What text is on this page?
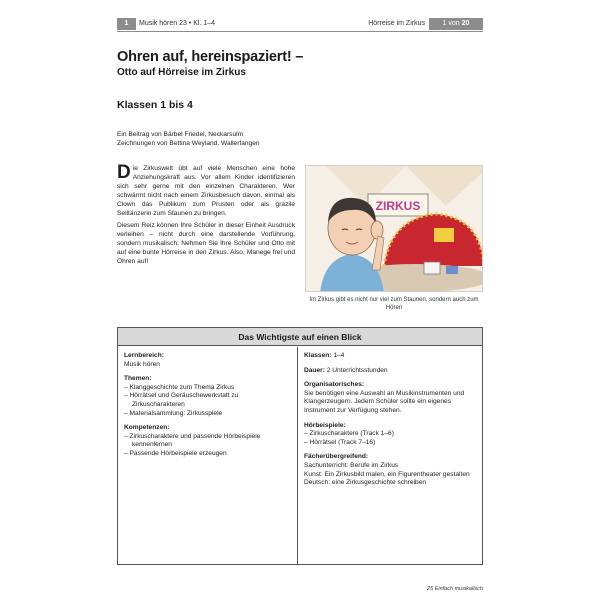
1	Musik hören 23 • Kl. 1–4	Hörreise im Zirkus	1 von 20
Ohren auf, hereinspaziert! –
Otto auf Hörreise im Zirkus
Klassen 1 bis 4
Ein Beitrag von Bärbel Friedel, Neckarsulm
Zeichnungen von Bettina Weyland, Wallerfangen

Die Zirkuswelt übt auf viele Menschen eine hohe Anziehungskraft aus. Vor allem Kinder identifizieren sich sehr gerne mit den einzelnen Charakteren. Wer schwärmt nicht nach einem Zirkusbesuch davon, einmal als Clown das Publikum zum Prusten oder als grazile Seiltänzerin zum Staunen zu bringen.

Diesem Reiz können Ihre Schüler in dieser Einheit Ausdruck verleihen – nicht durch eine darstellende Vorführung, sondern musikalisch. Nehmen Sie Ihre Schüler und Otto mit auf eine bunte Hörreise in den Zirkus. Also, Manege frei und Ohren auf!

ZIRKUS
Im Zirkus gibt es nicht nur viel zum Staunen, sondern auch zum Hören
Das Wichtigste auf einen Blick
Lernbereich:
Musik hören
Themen:
– Klanggeschichte zum Thema Zirkus
– Hörrätsel und Geräuschewerkstatt zu Zirkuscharakteren
– Materialsammlung: Zirkusspiele
Kompetenzen:
– Zirkuscharaktere und passende Hörbeispiele kennenlernen
– Passende Hörbeispiele erzeugen
Klassen: 1–4
Dauer: 2 Unterrichtsstunden
Organisatorisches:
Sie benötigen eine Auswahl an Musikinstrumenten und Klangerzeugern. Jedem Schüler sollte ein eigenes Instrument zur Verfügung stehen.
Hörbeispiele:
– Zirkuscharaktere (Track 1–6)
– Hörrätsel (Track 7–16)
Fächerübergreifend:
Sachunterricht: Berufe im Zirkus
Kunst: Ein Zirkusbild malen, ein Figurentheater gestalten
Deutsch: eine Zirkusgeschichte schreiben
25 Einfach musikalisch
